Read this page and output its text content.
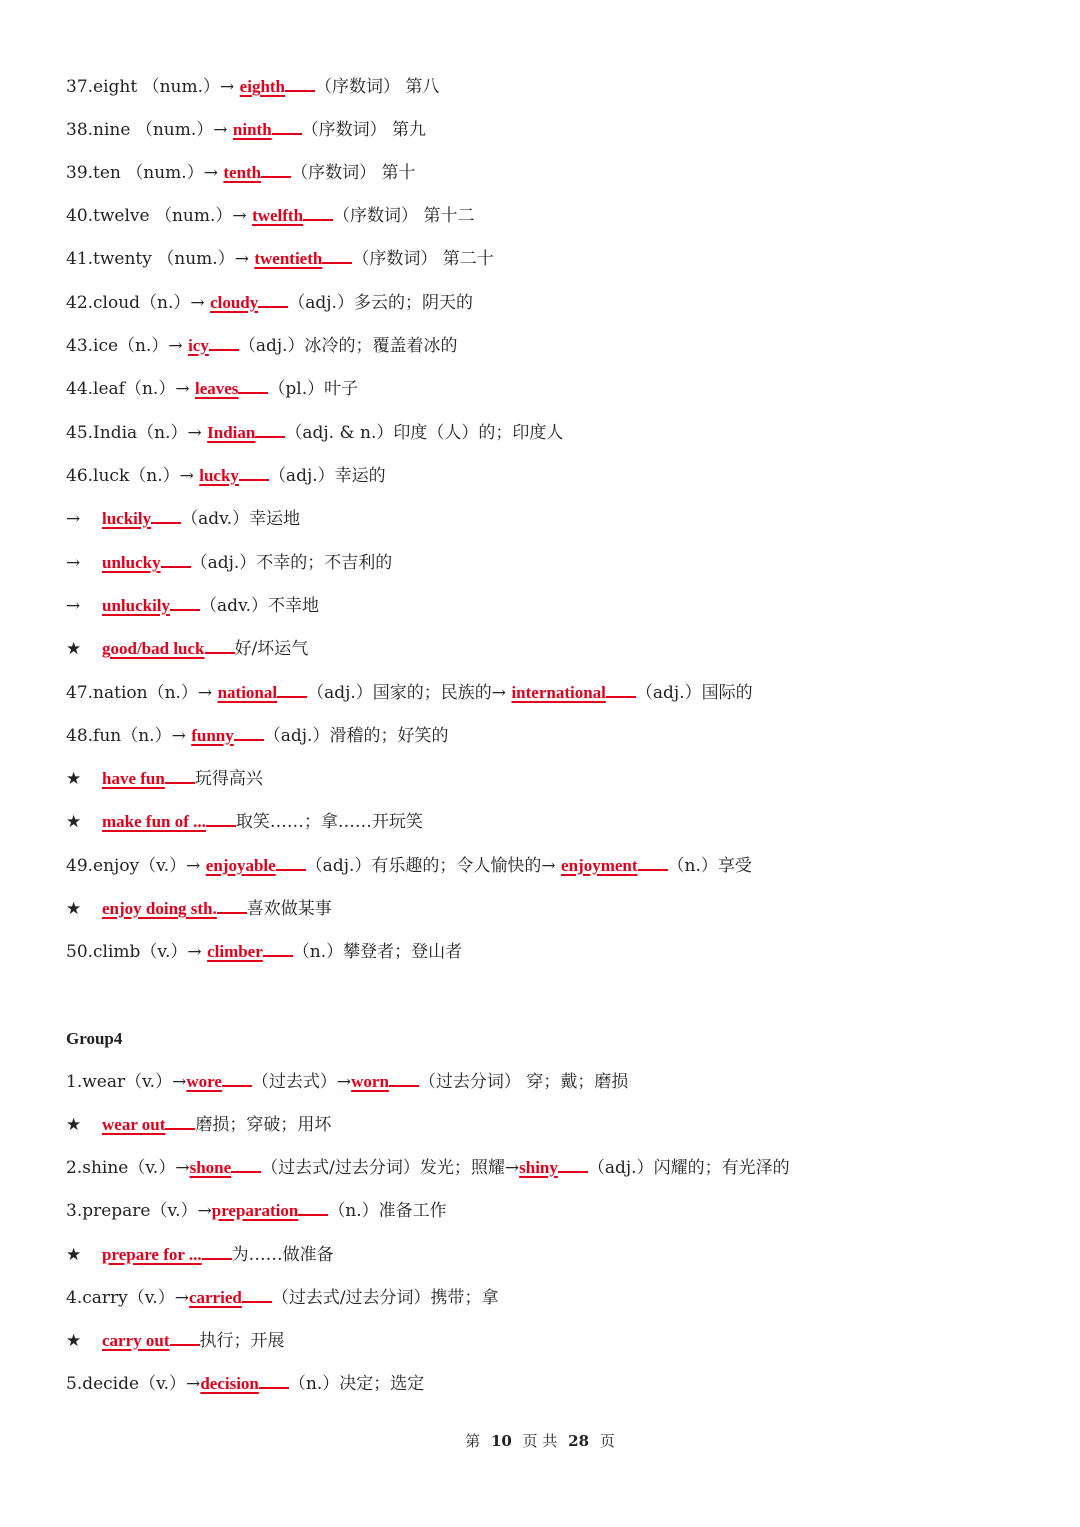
37.eight （num.）→ eighth （序数词） 第八
38.nine （num.）→ ninth （序数词） 第九
39.ten （num.）→ tenth （序数词） 第十
40.twelve （num.）→ twelfth （序数词） 第十二
41.twenty （num.）→ twentieth （序数词） 第二十
42.cloud（n.）→ cloudy （adj.）多云的；阴天的
43.ice（n.）→ icy （adj.）冰冷的；覆盖着冰的
44.leaf（n.）→ leaves （pl.）叶子
45.India（n.）→ Indian （adj. & n.）印度（人）的；印度人
46.luck（n.）→ lucky （adj.）幸运的
→ luckily （adv.）幸运地
→ unlucky （adj.）不幸的；不吉利的
→ unluckily （adv.）不幸地
★ good/bad luck 好/坏运气
47.nation（n.）→ national （adj.）国家的；民族的→ international （adj.）国际的
48.fun（n.）→ funny （adj.）滑稽的；好笑的
★ have fun 玩得高兴
★ make fun of ... 取笑……；拿……开玩笑
49.enjoy（v.）→ enjoyable （adj.）有乐趣的；令人愉快的→ enjoyment （n.）享受
★ enjoy doing sth. 喜欢做某事
50.climb（v.）→ climber （n.）攀登者；登山者
Group4
1.wear（v.）→wore （过去式）→worn （过去分词） 穿；戴；磨损
★ wear out 磨损；穿破；用坏
2.shine（v.）→shone （过去式/过去分词）发光；照耀→shiny （adj.）闪耀的；有光泽的
3.prepare（v.）→preparation （n.）准备工作
★ prepare for ... 为……做准备
4.carry（v.）→carried （过去式/过去分词）携带；拿
★ carry out 执行；开展
5.decide（v.）→decision （n.）决定；选定
第 10 页 共 28 页
